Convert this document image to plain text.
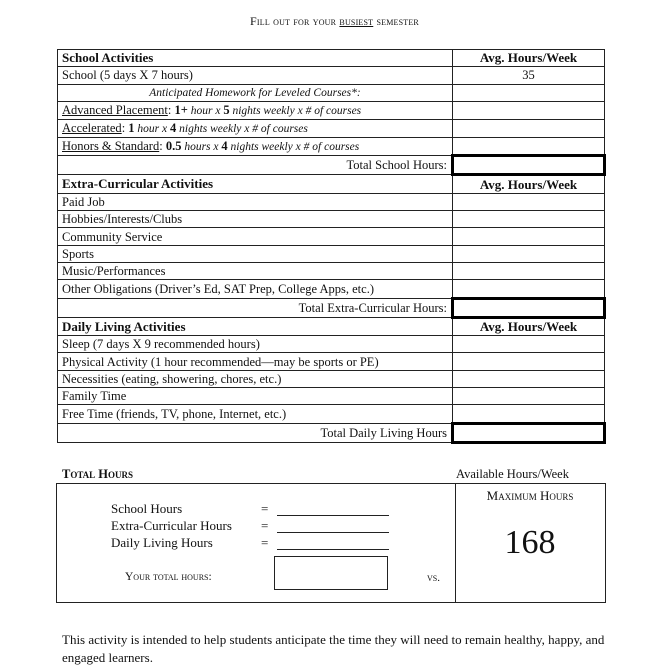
Fill out for your busiest semester
School Activities	Avg. Hours/Week
School (5 days X 7 hours)	35
Anticipated Homework for Leveled Courses*:	
Advanced Placement: 1+ hour x 5 nights weekly x # of courses	
Accelerated: 1 hour x 4 nights weekly x # of courses	
Honors & Standard: 0.5 hours x 4 nights weekly x # of courses	
Total School Hours:	
Extra-Curricular Activities	Avg. Hours/Week
Paid Job	
Hobbies/Interests/Clubs	
Community Service	
Sports	
Music/Performances	
Other Obligations (Driver’s Ed, SAT Prep, College Apps, etc.)	
Total Extra-Curricular Hours:	
Daily Living Activities	Avg. Hours/Week
Sleep (7 days X 9 recommended hours)	
Physical Activity (1 hour recommended—may be sports or PE)	
Necessities (eating, showering, chores, etc.)	
Family Time	
Free Time (friends, TV, phone, Internet, etc.)	
Total Daily Living Hours	
Total Hours	Available Hours/Week
School Hours	=
Extra-Curricular Hours =
Daily Living Hours	=
Your total hours:	vs.
Maximum Hours
168
This activity is intended to help students anticipate the time they will need to remain healthy, happy, and engaged learners.
